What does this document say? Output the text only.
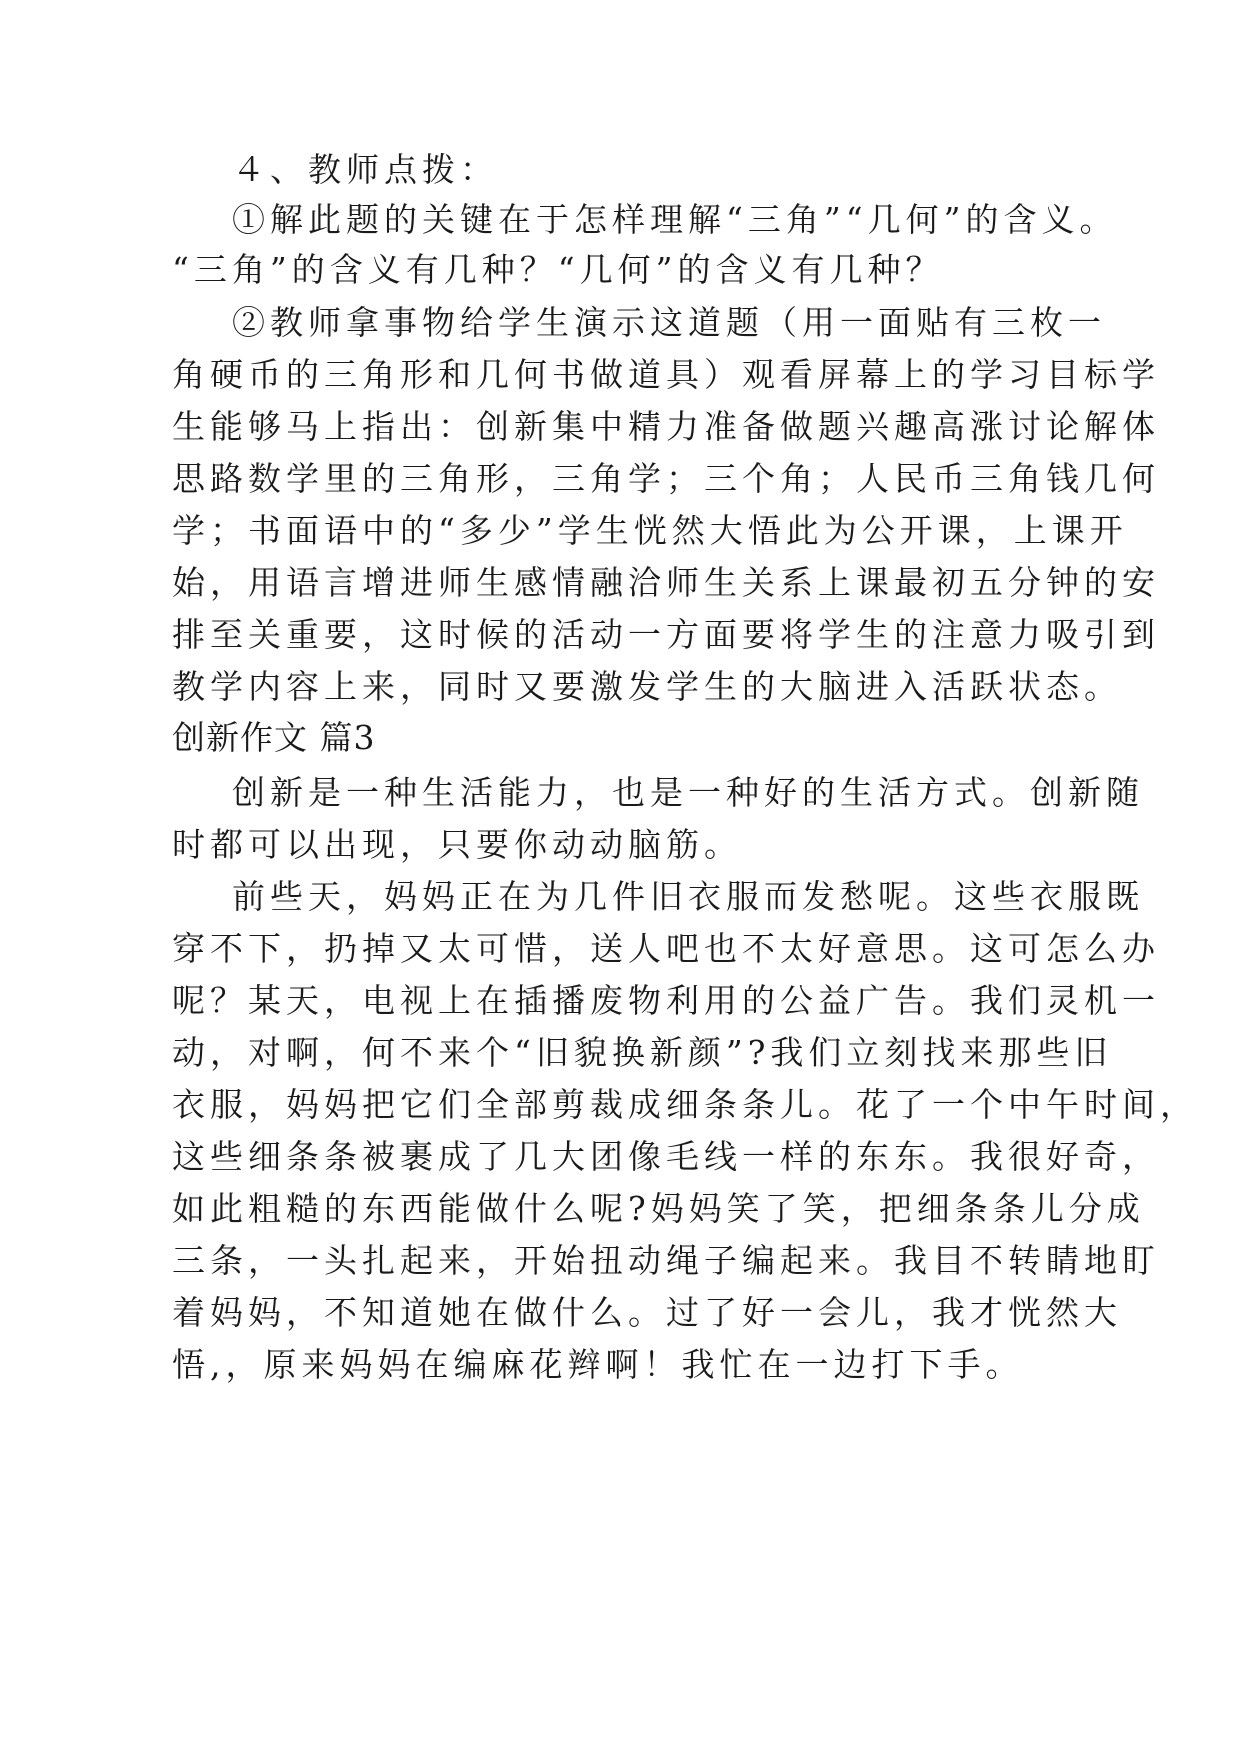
４、教师点拨：
①解此题的关键在于怎样理解“三角”“几何”的含义。
“三角”的含义有几种？“几何”的含义有几种？
②教师拿事物给学生演示这道题（用一面贴有三枚一
角硬币的三角形和几何书做道具）观看屏幕上的学习目标学
生能够马上指出：创新集中精力准备做题兴趣高涨讨论解体
思路数学里的三角形，三角学；三个角；人民币三角钱几何
学；书面语中的“多少”学生恍然大悟此为公开课，上课开
始，用语言增进师生感情融洽师生关系上课最初五分钟的安
排至关重要，这时候的活动一方面要将学生的注意力吸引到
教学内容上来，同时又要激发学生的大脑进入活跃状态。
创新作文 篇3
创新是一种生活能力，也是一种好的生活方式。创新随
时都可以出现，只要你动动脑筋。
前些天，妈妈正在为几件旧衣服而发愁呢。这些衣服既
穿不下，扔掉又太可惜，送人吧也不太好意思。这可怎么办
呢？某天，电视上在插播废物利用的公益广告。我们灵机一
动，对啊，何不来个“旧貌换新颜”?我们立刻找来那些旧
衣服，妈妈把它们全部剪裁成细条条儿。花了一个中午时间，
这些细条条被裹成了几大团像毛线一样的东东。我很好奇，
如此粗糙的东西能做什么呢?妈妈笑了笑，把细条条儿分成
三条，一头扎起来，开始扭动绳子编起来。我目不转睛地盯
着妈妈，不知道她在做什么。过了好一会儿，我才恍然大
悟,，原来妈妈在编麻花辫啊！我忙在一边打下手。
